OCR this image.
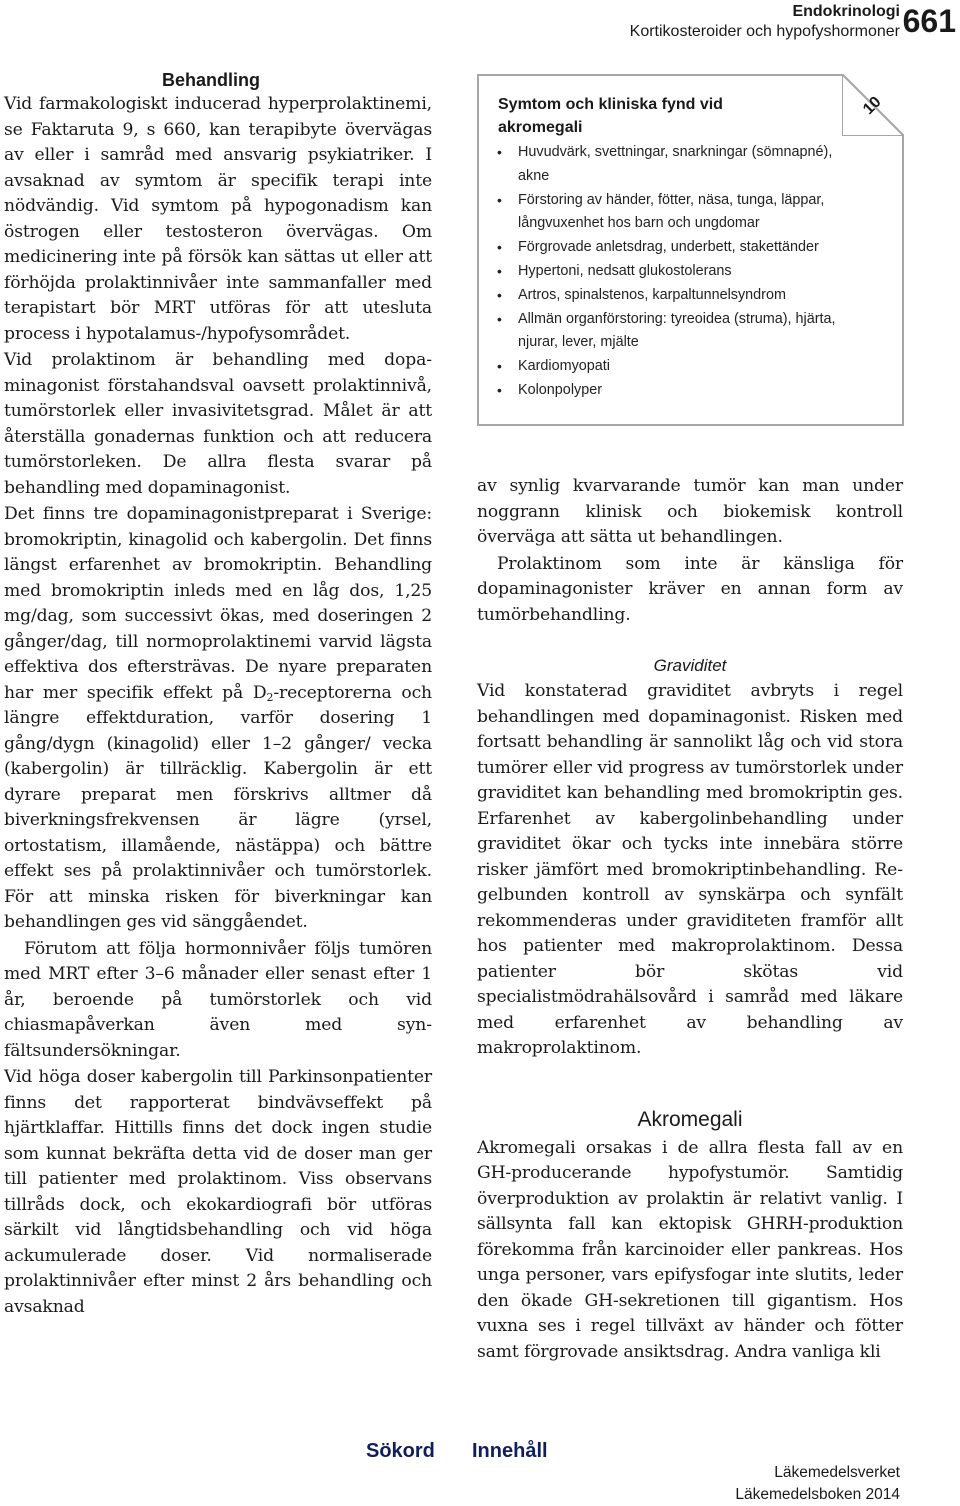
Endokrinologi
Kortikosteroider och hypofyshormoner 661
Behandling

Vid farmakologiskt inducerad hyperprolaktinemi, se Faktaruta 9, s 660, kan terapibyte övervägas av eller i samråd med ansvarig psykiatriker. I avsaknad av symtom är specifik terapi inte nödvändig. Vid symtom på hypogonadism kan östrogen eller testosteron övervägas. Om medicinering inte på försök kan sättas ut eller att förhöjda prolaktinnivåer inte sammanfaller med terapistart bör MRT utföras för att utesluta process i hypotalamus-/hypofysområdet.

Vid prolaktinom är behandling med dopaminagonist förstahandsval oavsett prolaktinnivå, tumörstorlek eller invasivitetsgrad. Målet är att återställa gonadernas funktion och att reducera tumörstorleken. De allra flesta svarar på behandling med dopaminagonist.

Det finns tre dopaminagonistpreparat i Sverige: bromokriptin, kinagolid och kabergolin. Det finns längst erfarenhet av bromokriptin. Behandling med bromokriptin inleds med en låg dos, 1,25 mg/dag, som successivt ökas, med doseringen 2 gånger/dag, till normoprolaktinemi varvid lägsta effektiva dos eftersträvas. De nyare preparaten har mer specifik effekt på $D_2$-receptorerna och längre effektduration, varför dosering 1 gång/dygn (kinagolid) eller 1–2 gånger/ vecka (kabergolin) är tillräcklig. Kabergolin är ett dyrare preparat men förskrivs alltmer då biverkningsfrekvensen är lägre (yrsel, ortostatism, illamående, nästäppa) och bättre effekt ses på prolaktinnivåer och tumörstorlek. För att minska risken för biverkningar kan behandlingen ges vid sänggåendet.

Förutom att följa hormonnivåer följs tumören med MRT efter 3–6 månader eller senast efter 1 år, beroende på tumörstorlek och vid chiasmapåverkan även med synfältsundersökningar.

Vid höga doser kabergolin till Parkinsonpatienter finns det rapporterat bindvävseffekt på hjärtklaffar. Hittills finns det dock ingen studie som kunnat bekräfta detta vid de doser man ger till patienter med prolaktinom. Viss observans tillråds dock, och ekokardiografi bör utföras särkilt vid långtidsbehandling och vid höga ackumulerade doser. Vid normaliserade prolaktinnivåer efter minst 2 års behandling och avsaknad

10
Symtom och kliniska fynd vid
akromegali
• Huvudvärk, svettningar, snarkningar (sömnapné), akne
• Förstoring av händer, fötter, näsa, tunga, läppar, långvuxenhet hos barn och ungdomar
• Förgrovade anletsdrag, underbett, stakettänder
• Hypertoni, nedsatt glukostolerans
• Artros, spinalstenos, karpaltunnelsyndrom
• Allmän organförstoring: tyreoidea (struma), hjärta, njurar, lever, mjälte
• Kardiomyopati
• Kolonpolyper

av synlig kvarvarande tumör kan man under noggrann klinisk och biokemisk kontroll överväga att sätta ut behandlingen.

Prolaktinom som inte är känsliga för dopaminagonister kräver en annan form av tumörbehandling.

Graviditet

Vid konstaterad graviditet avbryts i regel behandlingen med dopaminagonist. Risken med fortsatt behandling är sannolikt låg och vid stora tumörer eller vid progress av tumörstorlek under graviditet kan behandling med bromokriptin ges. Erfarenhet av kabergolinbehandling under graviditet ökar och tycks inte innebära större risker jämfört med bromokriptinbehandling. Regelbunden kontroll av synskärpa och synfält rekommenderas under graviditeten framför allt hos patienter med makroprolaktinom. Dessa patienter bör skötas vid specialistmödrahälsovård i samråd med läkare med erfarenhet av behandling av makroprolaktinom.

Akromegali

Akromegali orsakas i de allra flesta fall av en GH-producerande hypofystumör. Samtidig överproduktion av prolaktin är relativt vanlig. I sällsynta fall kan ektopisk GHRH-produktion förekomma från karcinoider eller pankreas. Hos unga personer, vars epifysfogar inte slutits, leder den ökade GH-sekretionen till gigantism. Hos vuxna ses i regel tillväxt av händer och fötter samt förgrovade ansiktsdrag. Andra vanliga kli

Sökord Innehåll
Läkemedelsverket
Läkemedelsboken 2014
